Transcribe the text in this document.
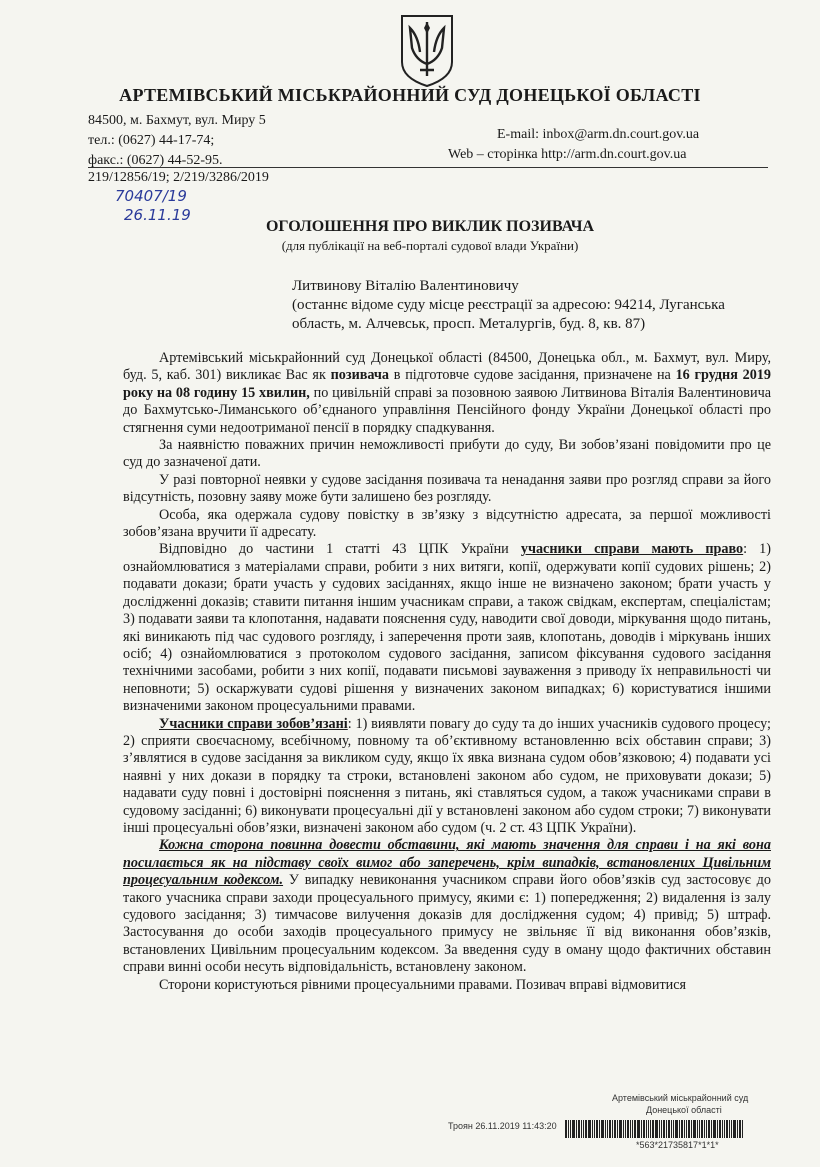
АРТЕМІВСЬКИЙ МІСЬКРАЙОННИЙ СУД ДОНЕЦЬКОЇ ОБЛАСТІ
84500, м. Бахмут, вул. Миру 5
тел.: (0627) 44-17-74;	E-mail: inbox@arm.dn.court.gov.ua
факс.: (0627) 44-52-95.	Web – сторінка http://arm.dn.court.gov.ua
219/12856/19; 2/219/3286/2019
70407/19
26.11.19
ОГОЛОШЕННЯ ПРО ВИКЛИК ПОЗИВАЧА
(для публікації на веб-порталі судової влади України)
Литвинову Віталію Валентиновичу
(останнє відоме суду місце реєстрації за адресою: 94214, Луганська
область, м. Алчевськ, просп. Металургів, буд. 8, кв. 87)

Артемівський міськрайонний суд Донецької області (84500, Донецька обл., м. Бахмут, вул. Миру, буд. 5, каб. 301) викликає Вас як позивача в підготовче судове засідання, призначене на 16 грудня 2019 року на 08 годину 15 хвилин, по цивільній справі за позовною заявою Литвинова Віталія Валентиновича до Бахмутсько-Лиманського об’єднаного управління Пенсійного фонду України Донецької області про стягнення суми недоотриманої пенсії в порядку спадкування.

За наявністю поважних причин неможливості прибути до суду, Ви зобов’язані повідомити про це суд до зазначеної дати.

У разі повторної неявки у судове засідання позивача та ненадання заяви про розгляд справи за його відсутність, позовну заяву може бути залишено без розгляду.

Особа, яка одержала судову повістку в зв’язку з відсутністю адресата, за першої можливості зобов’язана вручити її адресату.

Відповідно до частини 1 статті 43 ЦПК України учасники справи мають право: 1) ознайомлюватися з матеріалами справи, робити з них витяги, копії, одержувати копії судових рішень; 2) подавати докази; брати участь у судових засіданнях, якщо інше не визначено законом; брати участь у дослідженні доказів; ставити питання іншим учасникам справи, а також свідкам, експертам, спеціалістам; 3) подавати заяви та клопотання, надавати пояснення суду, наводити свої доводи, міркування щодо питань, які виникають під час судового розгляду, і заперечення проти заяв, клопотань, доводів і міркувань інших осіб; 4) ознайомлюватися з протоколом судового засідання, записом фіксування судового засідання технічними засобами, робити з них копії, подавати письмові зауваження з приводу їх неправильності чи неповноти; 5) оскаржувати судові рішення у визначених законом випадках; 6) користуватися іншими визначеними законом процесуальними правами.

Учасники справи зобов’язані: 1) виявляти повагу до суду та до інших учасників судового процесу; 2) сприяти своєчасному, всебічному, повному та об’єктивному встановленню всіх обставин справи; 3) з’являтися в судове засідання за викликом суду, якщо їх явка визнана судом обов’язковою; 4) подавати усі наявні у них докази в порядку та строки, встановлені законом або судом, не приховувати докази; 5) надавати суду повні і достовірні пояснення з питань, які ставляться судом, а також учасниками справи в судовому засіданні; 6) виконувати процесуальні дії у встановлені законом або судом строки; 7) виконувати інші процесуальні обов’язки, визначені законом або судом (ч. 2 ст. 43 ЦПК України).

Кожна сторона повинна довести обставини, які мають значення для справи і на які вона посилається як на підставу своїх вимог або заперечень, крім випадків, встановлених Цивільним процесуальним кодексом. У випадку невиконання учасником справи його обов’язків суд застосовує до такого учасника справи заходи процесуального примусу, якими є: 1) попередження; 2) видалення із залу судового засідання; 3) тимчасове вилучення доказів для дослідження судом; 4) привід; 5) штраф. Застосування до особи заходів процесуального примусу не звільняє її від виконання обов’язків, встановлених Цивільним процесуальним кодексом. За введення суду в оману щодо фактичних обставин справи винні особи несуть відповідальність, встановлену законом.

Сторони користуються рівними процесуальними правами. Позивач вправі відмовитися

Артемівський міськрайонний суд
Донецької області
Троян 26.11.2019 11:43:20
*563*21735817*1*1*
